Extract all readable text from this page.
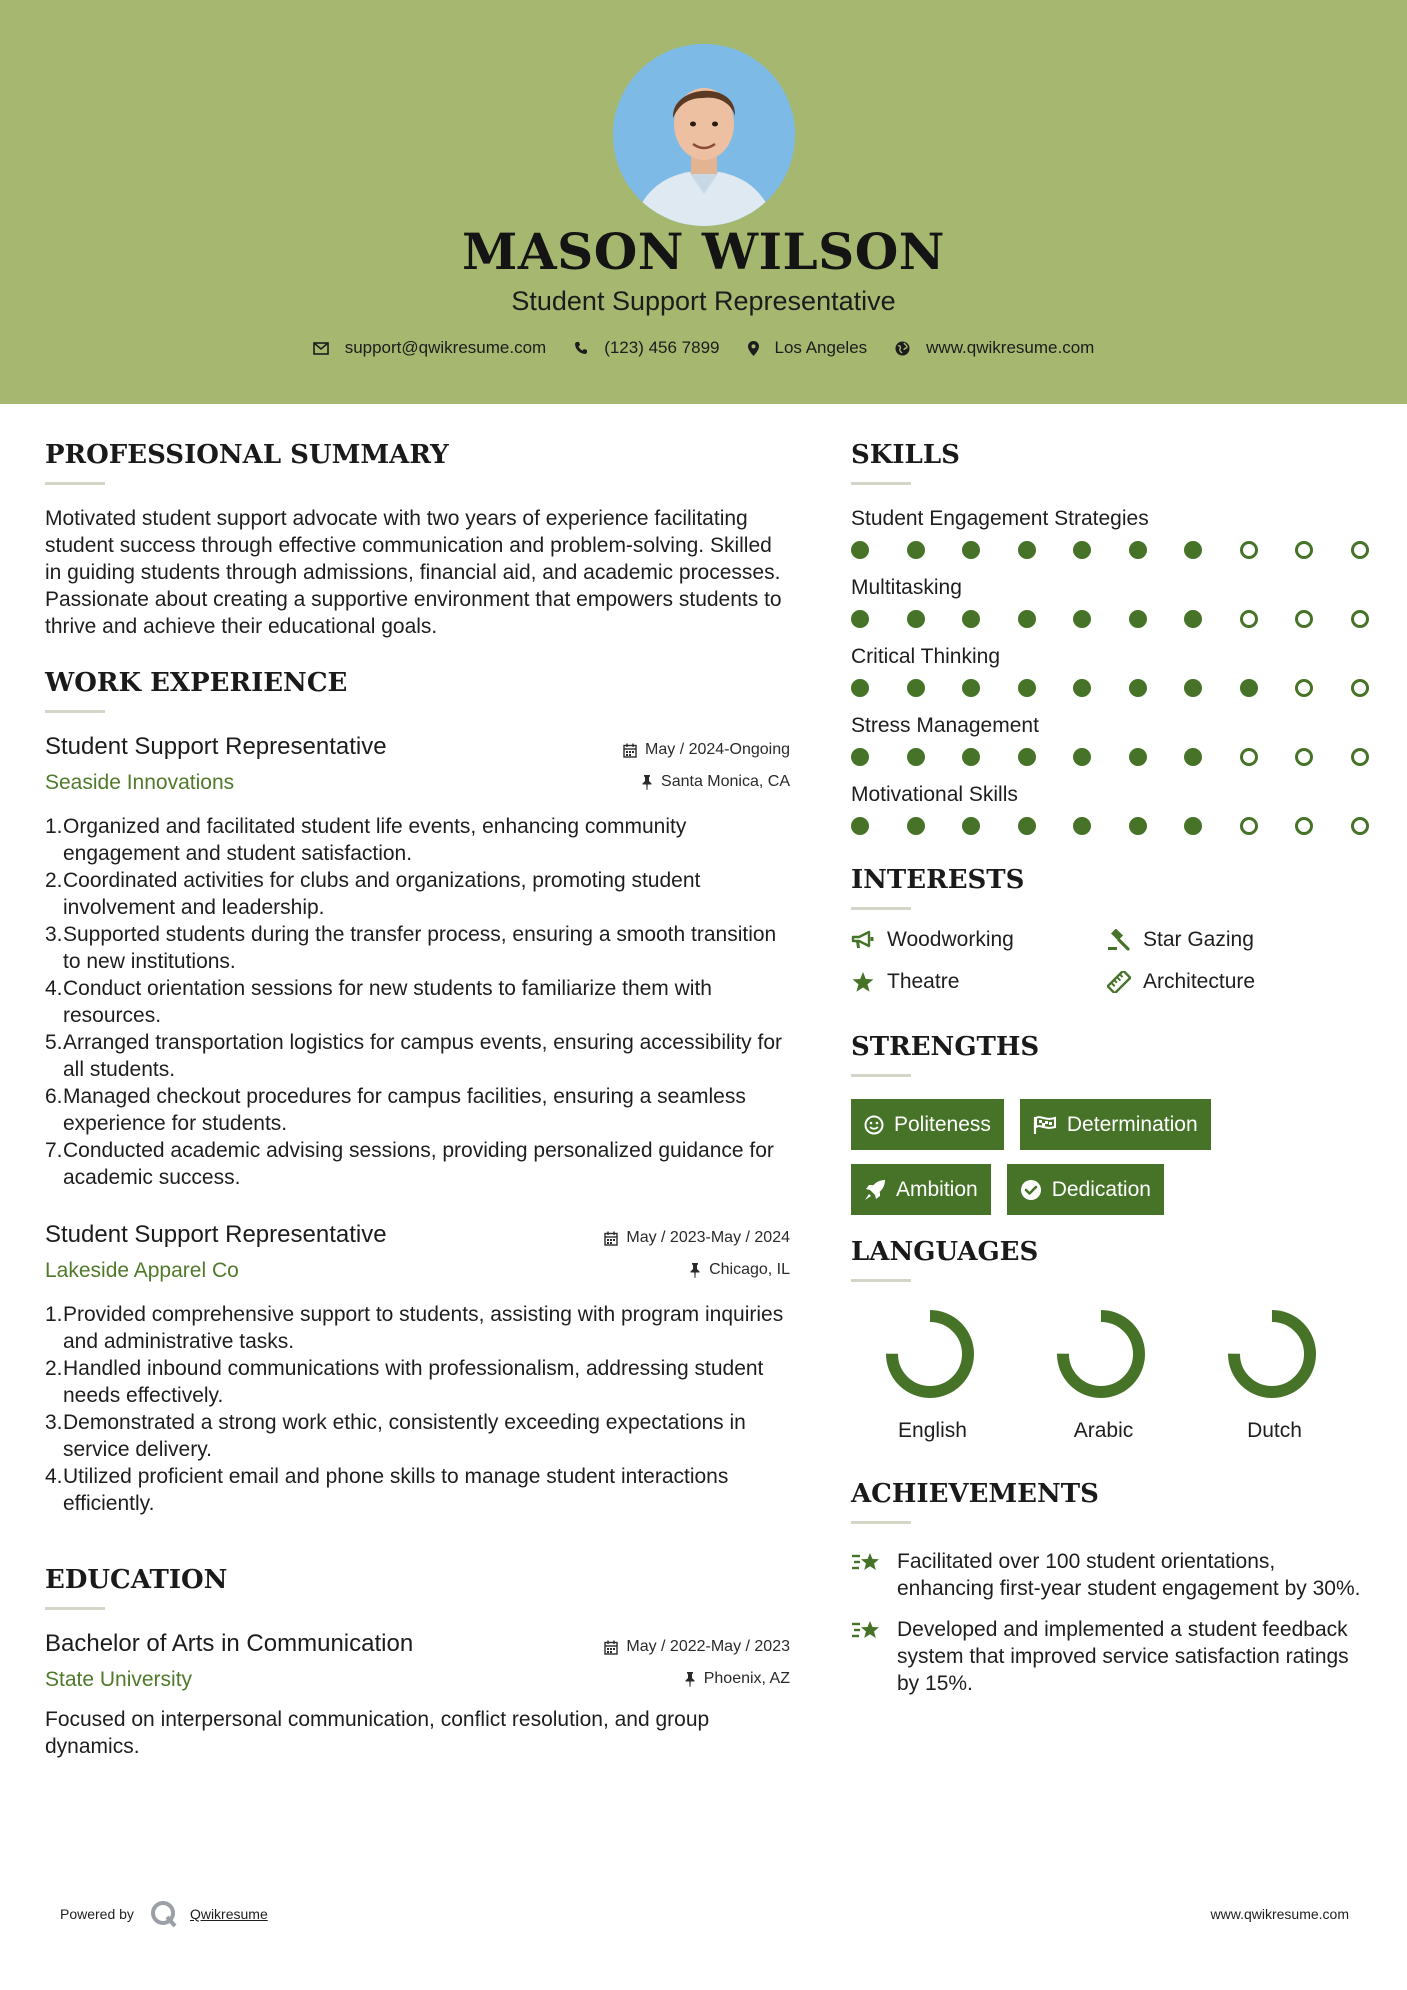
MASON WILSON
Student Support Representative
support@qwikresume.com	(123) 456 7899	Los Angeles	www.qwikresume.com
PROFESSIONAL SUMMARY
Motivated student support advocate with two years of experience facilitating student success through effective communication and problem-solving. Skilled in guiding students through admissions, financial aid, and academic processes. Passionate about creating a supportive environment that empowers students to thrive and achieve their educational goals.
WORK EXPERIENCE
Student Support Representative	May / 2024-Ongoing
Seaside Innovations	Santa Monica, CA
1. Organized and facilitated student life events, enhancing community engagement and student satisfaction.
2. Coordinated activities for clubs and organizations, promoting student involvement and leadership.
3. Supported students during the transfer process, ensuring a smooth transition to new institutions.
4. Conduct orientation sessions for new students to familiarize them with resources.
5. Arranged transportation logistics for campus events, ensuring accessibility for all students.
6. Managed checkout procedures for campus facilities, ensuring a seamless experience for students.
7. Conducted academic advising sessions, providing personalized guidance for academic success.
Student Support Representative	May / 2023-May / 2024
Lakeside Apparel Co	Chicago, IL
1. Provided comprehensive support to students, assisting with program inquiries and administrative tasks.
2. Handled inbound communications with professionalism, addressing student needs effectively.
3. Demonstrated a strong work ethic, consistently exceeding expectations in service delivery.
4. Utilized proficient email and phone skills to manage student interactions efficiently.
EDUCATION
Bachelor of Arts in Communication	May / 2022-May / 2023
State University	Phoenix, AZ
Focused on interpersonal communication, conflict resolution, and group dynamics.
SKILLS
Student Engagement Strategies
Multitasking
Critical Thinking
Stress Management
Motivational Skills
INTERESTS
Woodworking	Star Gazing
Theatre	Architecture
STRENGTHS
Politeness	Determination
Ambition	Dedication
LANGUAGES
English	Arabic	Dutch
ACHIEVEMENTS
Facilitated over 100 student orientations, enhancing first-year student engagement by 30%.
Developed and implemented a student feedback system that improved service satisfaction ratings by 15%.
Powered by	Qwikresume	www.qwikresume.com
